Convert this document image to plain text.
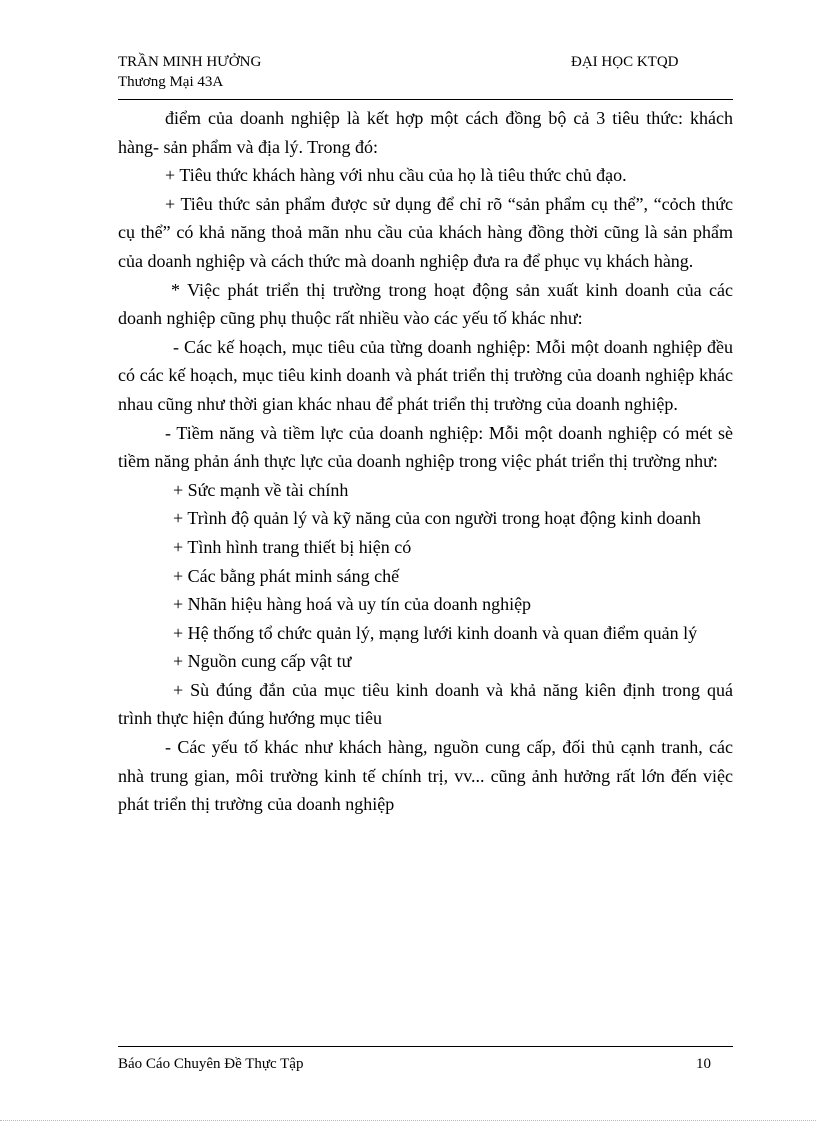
TRẦN MINH HƯỞNG
Thương Mại 43A
ĐẠI HỌC KTQD

điểm của doanh nghiệp là kết hợp một cách đồng bộ cả 3 tiêu thức: khách hàng- sản phẩm và địa lý. Trong đó:

+ Tiêu thức khách hàng với nhu cầu của họ là tiêu thức chủ đạo.

+ Tiêu thức sản phẩm được sử dụng để chỉ rõ “sản phẩm cụ thể”, “cỏch thức cụ thể” có khả năng thoả mãn nhu cầu của khách hàng đồng thời cũng là sản phẩm của doanh nghiệp và cách thức mà doanh nghiệp đưa ra để phục vụ khách hàng.

* Việc phát triển thị trường trong hoạt động sản xuất kinh doanh của các doanh nghiệp cũng phụ thuộc rất nhiều vào các yếu tố khác như:

- Các kế hoạch, mục tiêu của từng doanh nghiệp: Mỗi một doanh nghiệp đều có các kế hoạch, mục tiêu kinh doanh và phát triển thị trường của doanh nghiệp khác nhau cũng như thời gian khác nhau để phát triển thị trường của doanh nghiệp.

- Tiềm năng và tiềm lực của doanh nghiệp: Mỗi một doanh nghiệp có mét sè tiềm năng phản ánh thực lực của doanh nghiệp trong việc phát triển thị trường như:

+ Sức mạnh về tài chính

+ Trình độ quản lý và kỹ năng của con người trong hoạt động kinh doanh

+ Tình hình trang thiết bị hiện có

+ Các bằng phát minh sáng chế

+ Nhãn hiệu hàng hoá và uy tín của doanh nghiệp

+ Hệ thống tổ chức quản lý, mạng lưới kinh doanh và quan điểm quản lý

+ Nguồn cung cấp vật tư

+ Sù đúng đắn của mục tiêu kinh doanh và khả năng kiên định trong quá trình thực hiện đúng hướng mục tiêu

- Các yếu tố khác như khách hàng, nguồn cung cấp, đối thủ cạnh tranh, các nhà trung gian, môi trường kinh tế chính trị, vv... cũng ảnh hưởng rất lớn đến việc phát triển thị trường của doanh nghiệp

Báo Cáo Chuyên Đề Thực Tập	10
